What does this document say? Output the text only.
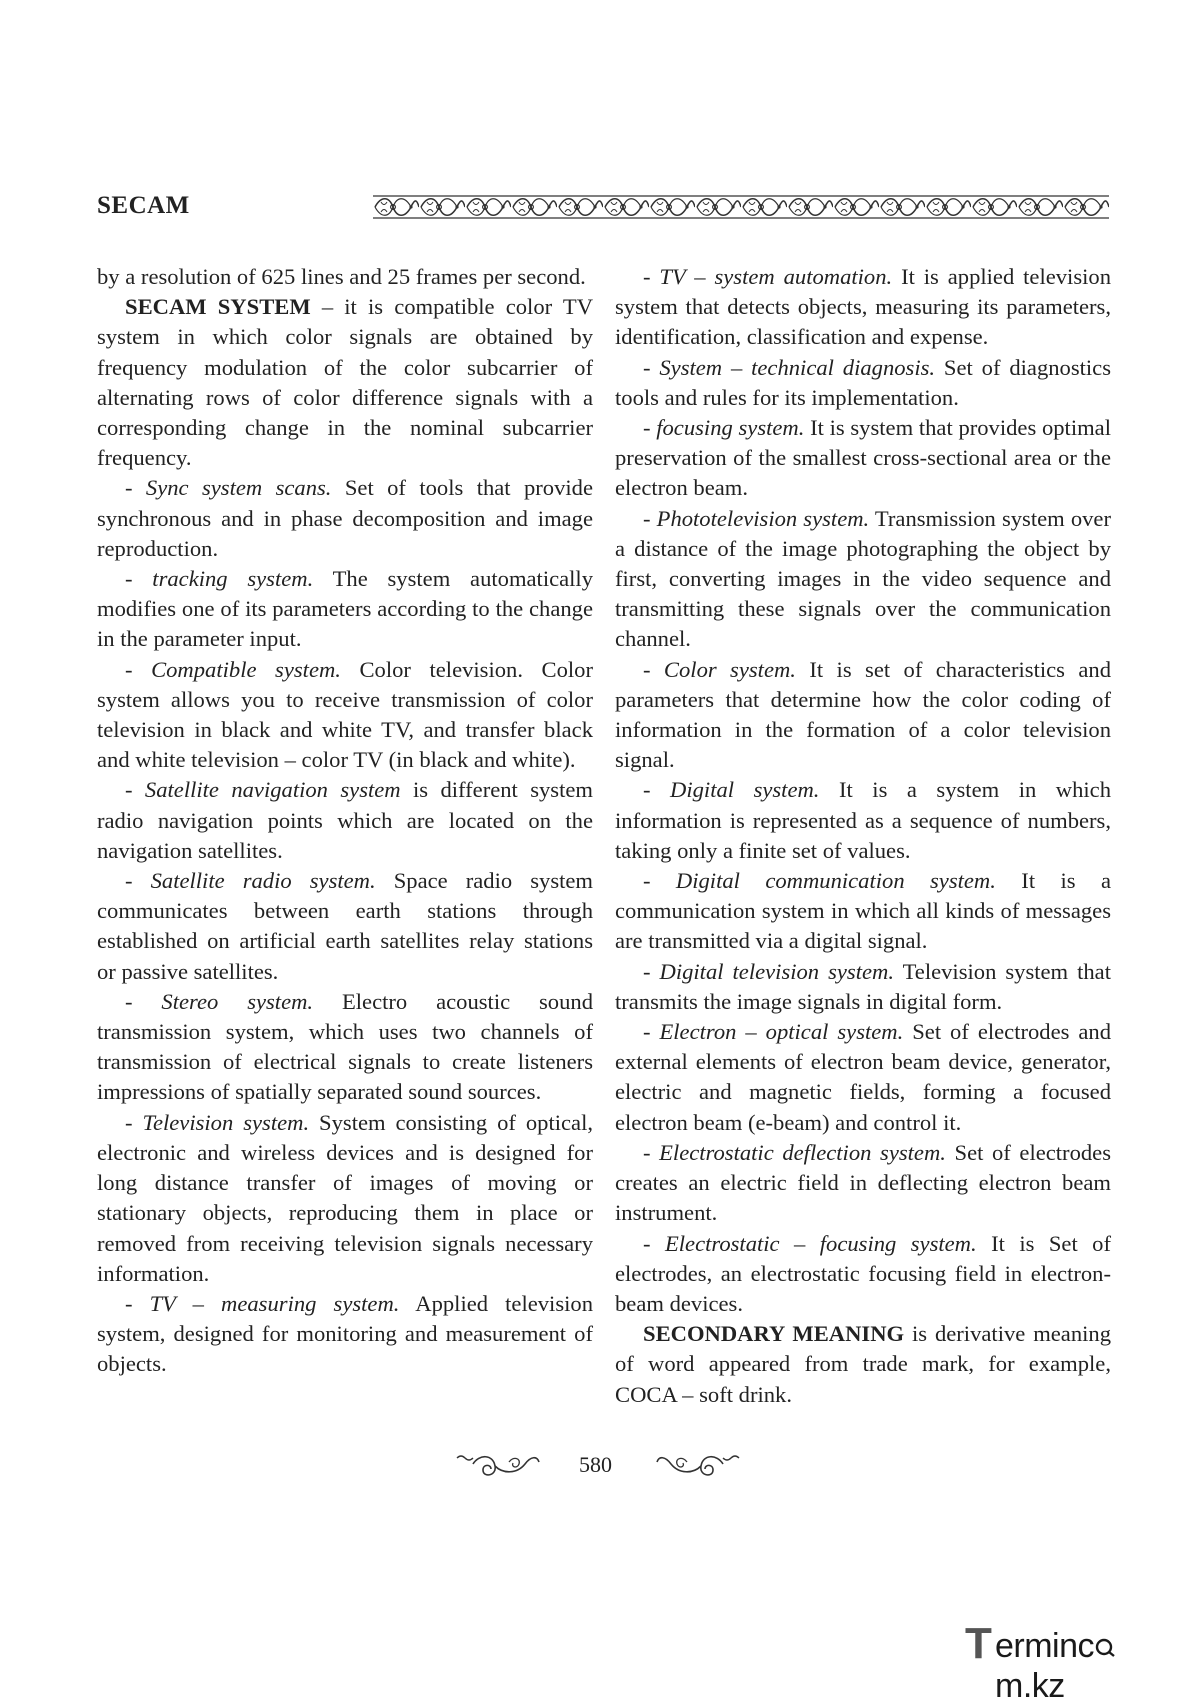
SECAM

by a resolution of 625 lines and 25 frames per second.

SECAM SYSTEM – it is compatible color TV system in which color signals are obtained by frequency modulation of the color subcarrier of alternating rows of color difference signals with a corresponding change in the nominal subcarrier frequency.

- Sync system scans. Set of tools that provide synchronous and in phase decomposition and image reproduction.

- tracking system. The system automatically modifies one of its parameters according to the change in the parameter input.

- Compatible system. Color television. Color system allows you to receive transmission of color television in black and white TV, and transfer black and white television – color TV (in black and white).

- Satellite navigation system is different system radio navigation points which are located on the navigation satellites.

- Satellite radio system. Space radio system communicates between earth stations through established on artificial earth satellites relay stations or passive satellites.

- Stereo system. Electro acoustic sound transmission system, which uses two channels of transmission of electrical signals to create listeners impressions of spatially separated sound sources.

- Television system. System consisting of optical, electronic and wireless devices and is designed for long distance transfer of images of moving or stationary objects, reproducing them in place or removed from receiving television signals necessary information.

- TV – measuring system. Applied television system, designed for monitoring and measurement of objects.

- TV – system automation. It is applied television system that detects objects, measuring its parameters, identification, classification and expense.

- System – technical diagnosis. Set of diagnostics tools and rules for its implementation.

- focusing system. It is system that provides optimal preservation of the smallest cross-sectional area or the electron beam.

- Phototelevision system. Transmission system over a distance of the image photographing the object by first, converting images in the video sequence and transmitting these signals over the communication channel.

- Color system. It is set of characteristics and parameters that determine how the color coding of information in the formation of a color television signal.

- Digital system. It is a system in which information is represented as a sequence of numbers, taking only a finite set of values.

- Digital communication system. It is a communication system in which all kinds of messages are transmitted via a digital signal.

- Digital television system. Television system that transmits the image signals in digital form.

- Electron – optical system. Set of electrodes and external elements of electron beam device, generator, electric and magnetic fields, forming a focused electron beam (e-beam) and control it.

- Electrostatic deflection system. Set of electrodes creates an electric field in deflecting electron beam instrument.

- Electrostatic – focusing system. It is Set of electrodes, an electrostatic focusing field in electron- beam devices.

SECONDARY MEANING is derivative meaning of word appeared from trade mark, for example, COCA – soft drink.

580
T ermincm.kz
